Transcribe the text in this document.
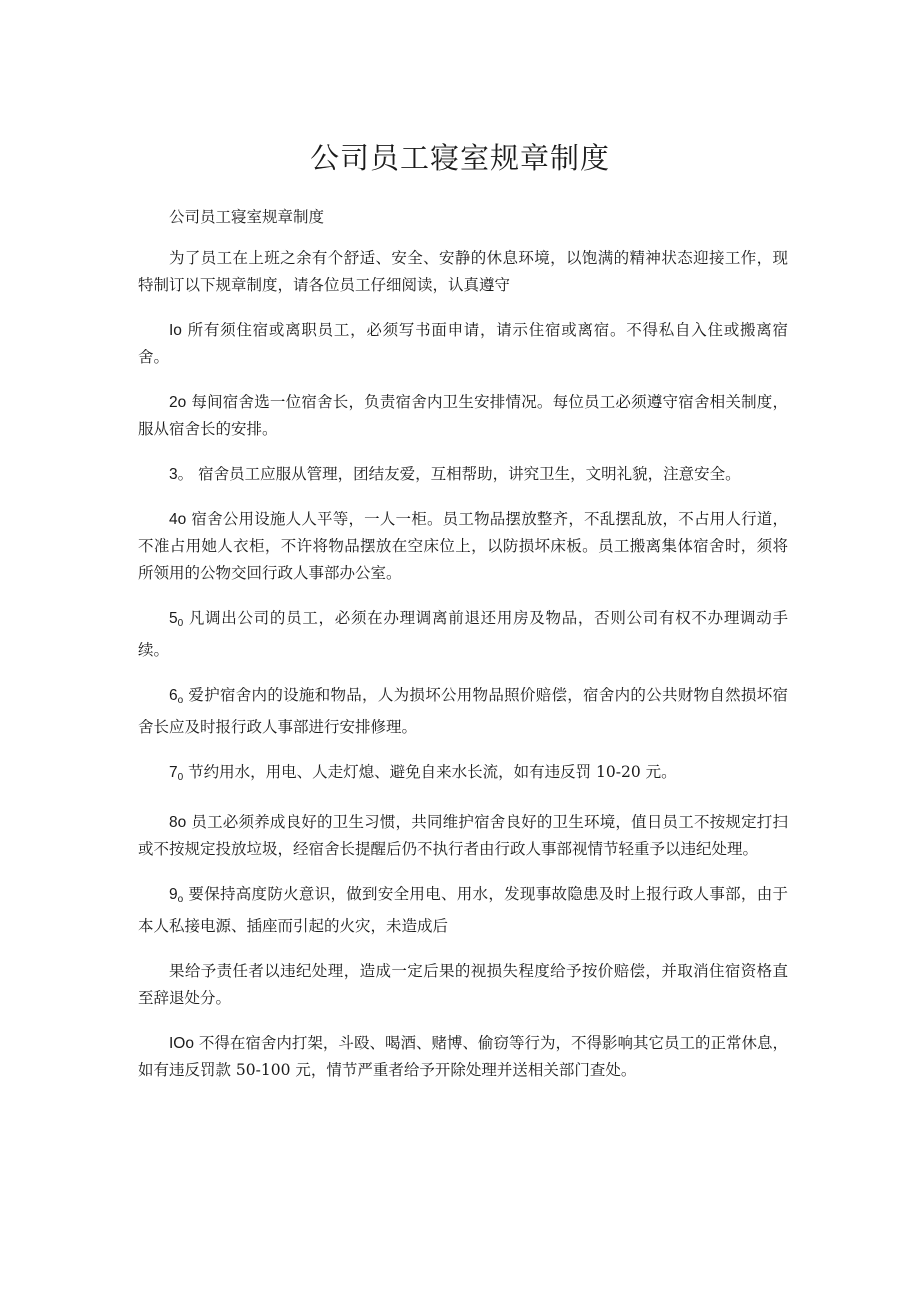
公司员工寝室规章制度

公司员工寝室规章制度

为了员工在上班之余有个舒适、安全、安静的休息环境，以饱满的精神状态迎接工作，现特制订以下规章制度，请各位员工仔细阅读，认真遵守

Io 所有须住宿或离职员工，必须写书面申请，请示住宿或离宿。不得私自入住或搬离宿舍。

2o 每间宿舍选一位宿舍长，负责宿舍内卫生安排情况。每位员工必须遵守宿舍相关制度，服从宿舍长的安排。

3。 宿舍员工应服从管理，团结友爱，互相帮助，讲究卫生，文明礼貌，注意安全。

4o 宿舍公用设施人人平等，一人一柜。员工物品摆放整齐，不乱摆乱放，不占用人行道，不准占用她人衣柜，不许将物品摆放在空床位上，以防损坏床板。员工搬离集体宿舍时，须将所领用的公物交回行政人事部办公室。

$5_0$ 凡调出公司的员工，必须在办理调离前退还用房及物品，否则公司有权不办理调动手续。

$6_o$ 爱护宿舍内的设施和物品，人为损坏公用物品照价赔偿，宿舍内的公共财物自然损坏宿舍长应及时报行政人事部进行安排修理。

$7_0$ 节约用水，用电、人走灯熄、避免自来水长流，如有违反罚 10-20 元。

8o 员工必须养成良好的卫生习惯，共同维护宿舍良好的卫生环境，值日员工不按规定打扫或不按规定投放垃圾，经宿舍长提醒后仍不执行者由行政人事部视情节轻重予以违纪处理。

$9_o$ 要保持高度防火意识，做到安全用电、用水，发现事故隐患及时上报行政人事部，由于本人私接电源、插座而引起的火灾，未造成后

果给予责任者以违纪处理，造成一定后果的视损失程度给予按价赔偿，并取消住宿资格直至辞退处分。

IOo 不得在宿舍内打架，斗殴、喝酒、赌博、偷窃等行为，不得影响其它员工的正常休息，如有违反罚款 50-100 元，情节严重者给予开除处理并送相关部门查处。
